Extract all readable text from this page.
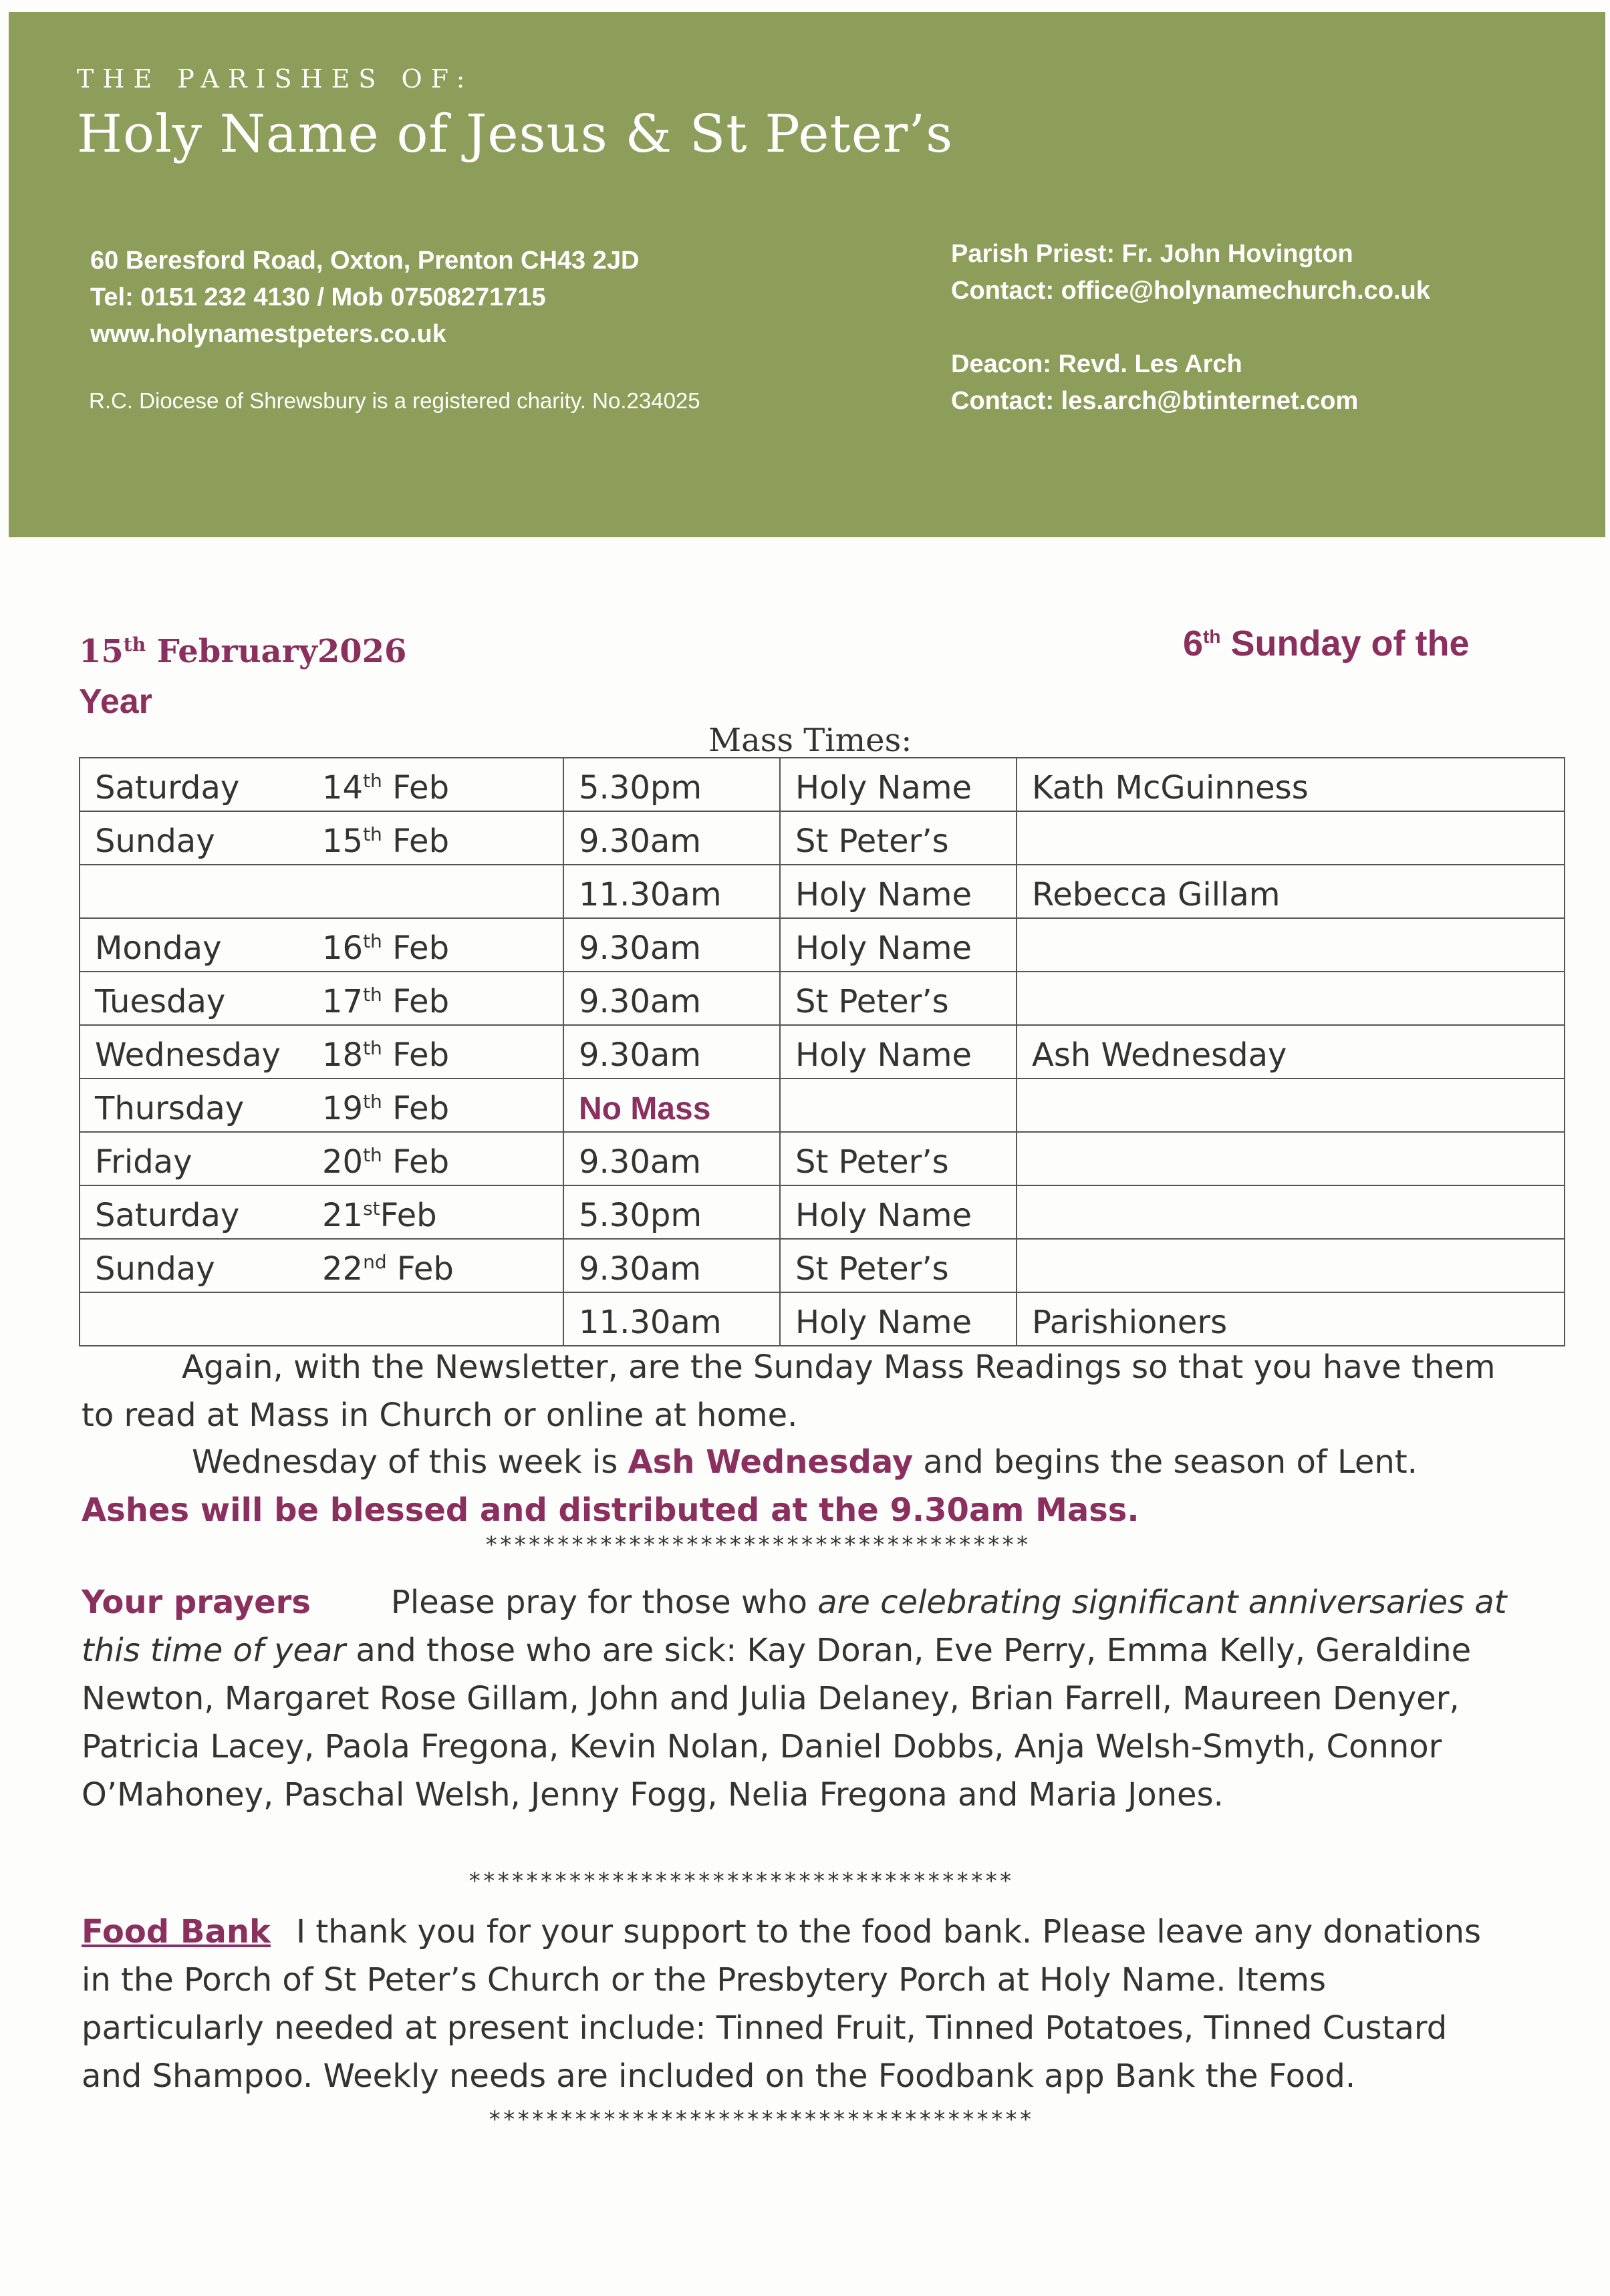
THE PARISHES OF:
Holy Name of Jesus & St Peter’s
60 Beresford Road, Oxton, Prenton CH43 2JD
Tel: 0151 232 4130 / Mob 07508271715
www.holynamestpeters.co.uk
R.C. Diocese of Shrewsbury is a registered charity. No.234025
Parish Priest: Fr. John Hovington
Contact: office@holynamechurch.co.uk
Deacon: Revd. Les Arch
Contact: les.arch@btinternet.com
15th February2026
Year
6th Sunday of the
Mass Times:
Saturday 14th Feb	5.30pm	Holy Name	Kath McGuinness
Sunday 15th Feb	9.30am	St Peter’s	
	11.30am	Holy Name	Rebecca Gillam
Monday 16th Feb	9.30am	Holy Name	
Tuesday 17th Feb	9.30am	St Peter’s	
Wednesday 18th Feb	9.30am	Holy Name	Ash Wednesday
Thursday 19th Feb	No Mass		
Friday 20th Feb	9.30am	St Peter’s	
Saturday 21stFeb	5.30pm	Holy Name	
Sunday 22nd Feb	9.30am	St Peter’s	
	11.30am	Holy Name	Parishioners
Again, with the Newsletter, are the Sunday Mass Readings so that you have them to read at Mass in Church or online at home.
Wednesday of this week is Ash Wednesday and begins the season of Lent. Ashes will be blessed and distributed at the 9.30am Mass.
**************************************
Your prayers	Please pray for those who are celebrating significant anniversaries at this time of year and those who are sick: Kay Doran, Eve Perry, Emma Kelly, Geraldine Newton, Margaret Rose Gillam, John and Julia Delaney, Brian Farrell, Maureen Denyer, Patricia Lacey, Paola Fregona, Kevin Nolan, Daniel Dobbs, Anja Welsh-Smyth, Connor O’Mahoney, Paschal Welsh, Jenny Fogg, Nelia Fregona and Maria Jones.
**************************************
Food Bank I thank you for your support to the food bank. Please leave any donations in the Porch of St Peter’s Church or the Presbytery Porch at Holy Name. Items particularly needed at present include: Tinned Fruit, Tinned Potatoes, Tinned Custard and Shampoo. Weekly needs are included on the Foodbank app Bank the Food.
**************************************
